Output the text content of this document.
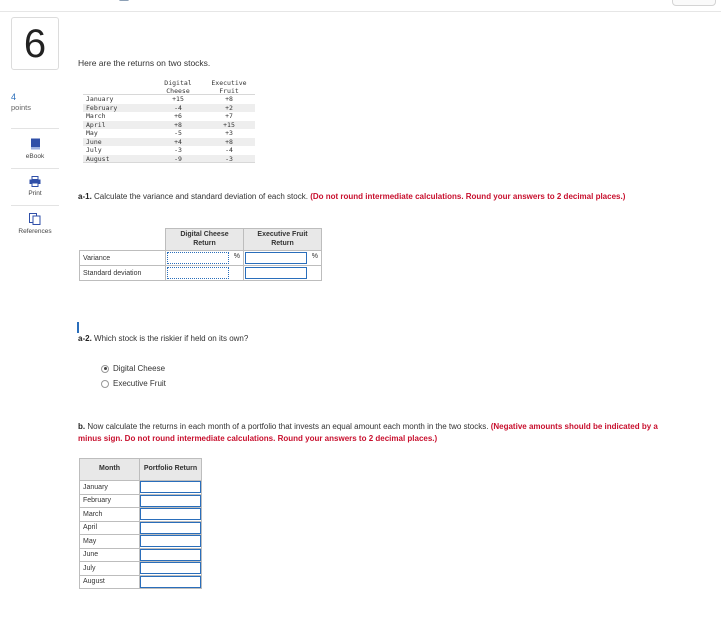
6
4
points
eBook
Print
References
Here are the returns on two stocks.
Digital
Cheese
Executive
Fruit
January	+15	+8
February	-4	+2
March	+6	+7
April	+8	+15
May	-5	+3
June	+4	+8
July	-3	-4
August	-9	-3
a-1. Calculate the variance and standard deviation of each stock. (Do not round intermediate calculations. Round your answers to 2 decimal places.)
	Digital Cheese Return	Executive Fruit Return
Variance	%	%

Standard deviation	

a-2. Which stock is the riskier if held on its own?
Digital Cheese
Executive Fruit
b. Now calculate the returns in each month of a portfolio that invests an equal amount each month in the two stocks. (Negative amounts should be indicated by a minus sign. Do not round intermediate calculations. Round your answers to 2 decimal places.)
Month	Portfolio Return
January	

February	

March	

April	

May	

June	

July	

August	
